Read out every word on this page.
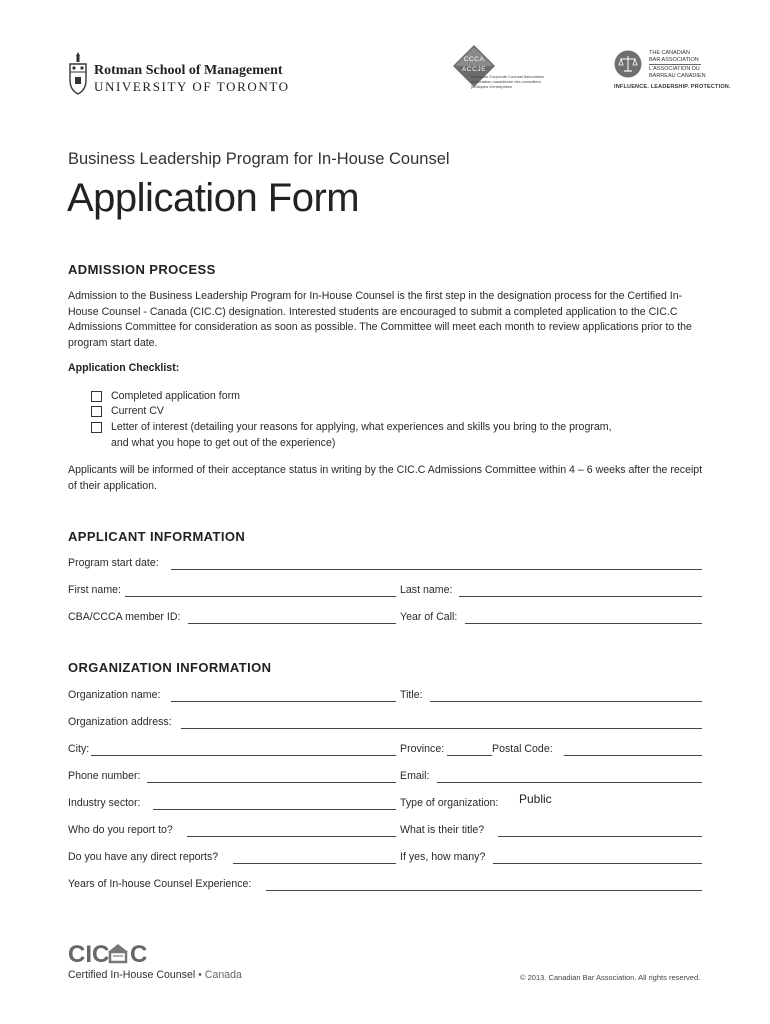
Rotman School of Management
UNIVERSITY OF TORONTO
CCCA
ACCJE
Canadian Corporate Counsel Association
Association canadienne des conseillers
juridiques d'entreprises
THE CANADIAN
BAR ASSOCIATION
L'ASSOCIATION DU
BARREAU CANADIEN
INFLUENCE. LEADERSHIP. PROTECTION.
Business Leadership Program for In-House Counsel
Application Form
ADMISSION PROCESS
Admission to the Business Leadership Program for In-House Counsel is the first step in the designation process for the Certified In-House Counsel - Canada (CIC.C) designation. Interested students are encouraged to submit a completed application to the CIC.C Admissions Committee for consideration as soon as possible. The Committee will meet each month to review applications prior to the program start date.
Application Checklist:
Completed application form
Current CV
Letter of interest (detailing your reasons for applying, what experiences and skills you bring to the program,
and what you hope to get out of the experience)
Applicants will be informed of their acceptance status in writing by the CIC.C Admissions Committee within 4 – 6 weeks after the receipt of their application.
APPLICANT INFORMATION
Program start date:
First name:	Last name:
CBA/CCCA member ID:	Year of Call:
ORGANIZATION INFORMATION
Organization name:	Title:
Organization address:
City:	Province:	Postal Code:
Phone number:	Email:
Industry sector:	Type of organization: Public
Who do you report to?	What is their title?
Do you have any direct reports?	If yes, how many?
Years of In-house Counsel Experience:
CIC C
Certified In-House Counsel • Canada	© 2013. Canadian Bar Association. All rights reserved.
